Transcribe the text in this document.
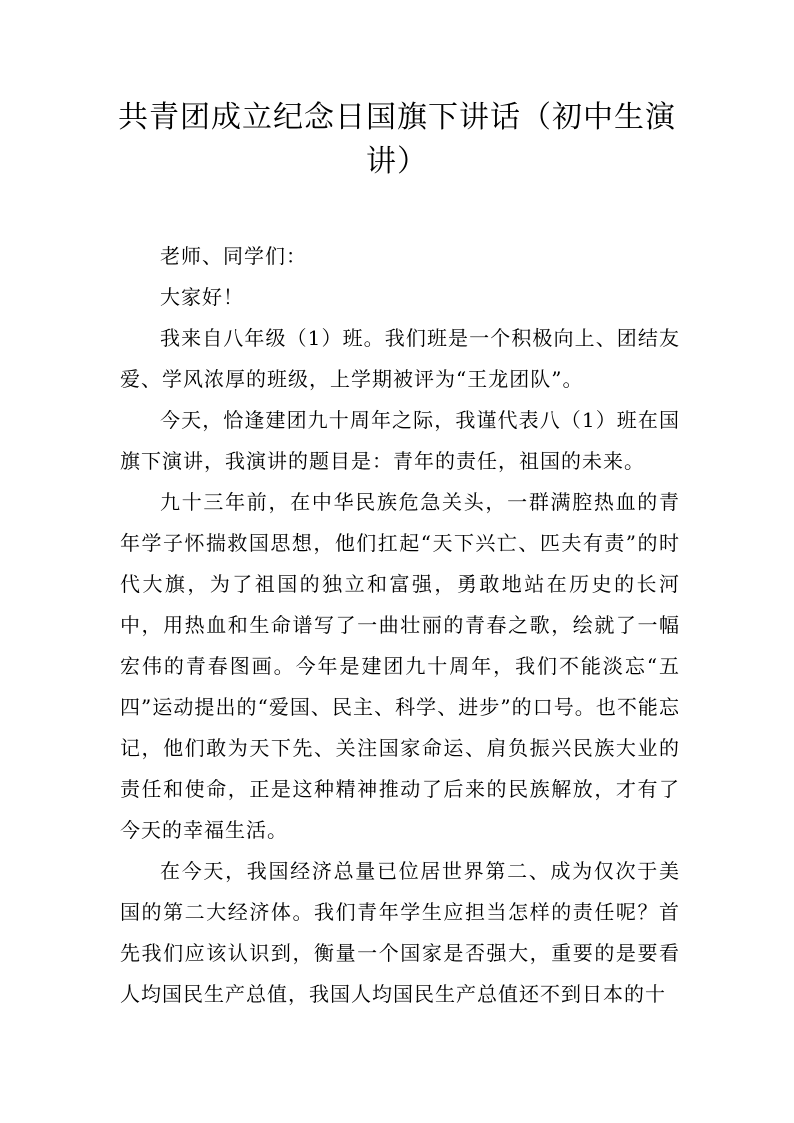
共青团成立纪念日国旗下讲话（初中生演讲）

老师、同学们：

大家好！

我来自八年级（1）班。我们班是一个积极向上、团结友爱、学风浓厚的班级，上学期被评为“王龙团队”。

今天，恰逢建团九十周年之际，我谨代表八（1）班在国旗下演讲，我演讲的题目是：青年的责任，祖国的未来。

九十三年前，在中华民族危急关头，一群满腔热血的青年学子怀揣救国思想，他们扛起“天下兴亡、匹夫有责”的时代大旗，为了祖国的独立和富强，勇敢地站在历史的长河中，用热血和生命谱写了一曲壮丽的青春之歌，绘就了一幅宏伟的青春图画。今年是建团九十周年，我们不能淡忘“五四”运动提出的“爱国、民主、科学、进步”的口号。也不能忘记，他们敢为天下先、关注国家命运、肩负振兴民族大业的责任和使命，正是这种精神推动了后来的民族解放，才有了今天的幸福生活。

在今天，我国经济总量已位居世界第二、成为仅次于美国的第二大经济体。我们青年学生应担当怎样的责任呢？首先我们应该认识到，衡量一个国家是否强大，重要的是要看人均国民生产总值，我国人均国民生产总值还不到日本的十
